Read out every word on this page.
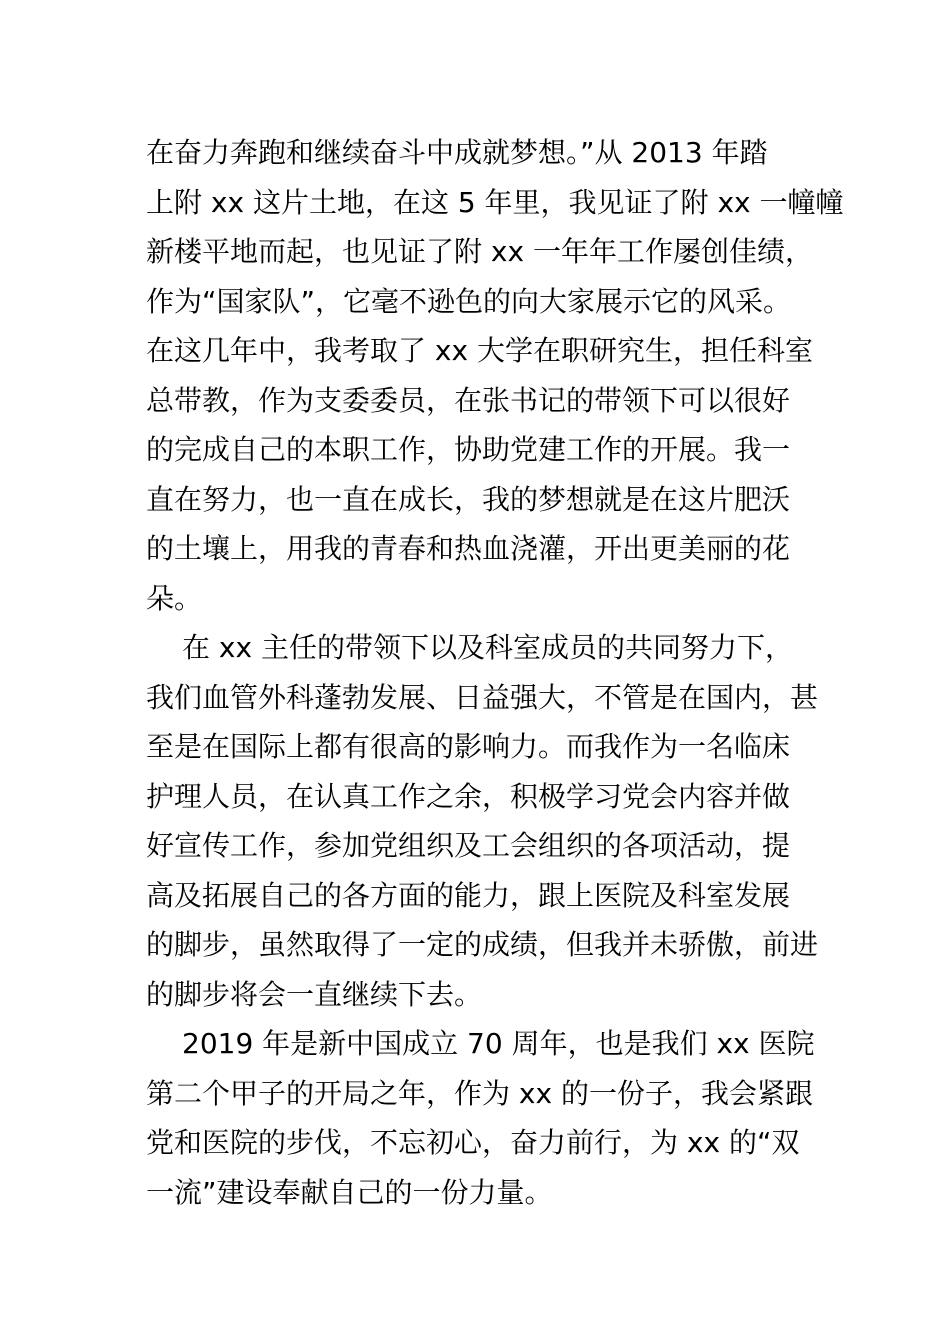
在奋力奔跑和继续奋斗中成就梦想。”从 2013 年踏
上附 xx 这片土地，在这 5 年里，我见证了附 xx 一幢幢
新楼平地而起，也见证了附 xx 一年年工作屡创佳绩，
作为“国家队”，它毫不逊色的向大家展示它的风采。
在这几年中，我考取了 xx 大学在职研究生，担任科室
总带教，作为支委委员，在张书记的带领下可以很好
的完成自己的本职工作，协助党建工作的开展。我一
直在努力，也一直在成长，我的梦想就是在这片肥沃
的土壤上，用我的青春和热血浇灌，开出更美丽的花
朵。
在 xx 主任的带领下以及科室成员的共同努力下，
我们血管外科蓬勃发展、日益强大，不管是在国内，甚
至是在国际上都有很高的影响力。而我作为一名临床
护理人员，在认真工作之余，积极学习党会内容并做
好宣传工作，参加党组织及工会组织的各项活动，提
高及拓展自己的各方面的能力，跟上医院及科室发展
的脚步，虽然取得了一定的成绩，但我并未骄傲，前进
的脚步将会一直继续下去。
2019 年是新中国成立 70 周年，也是我们 xx 医院
第二个甲子的开局之年，作为 xx 的一份子，我会紧跟
党和医院的步伐，不忘初心，奋力前行，为 xx 的“双
一流”建设奉献自己的一份力量。
